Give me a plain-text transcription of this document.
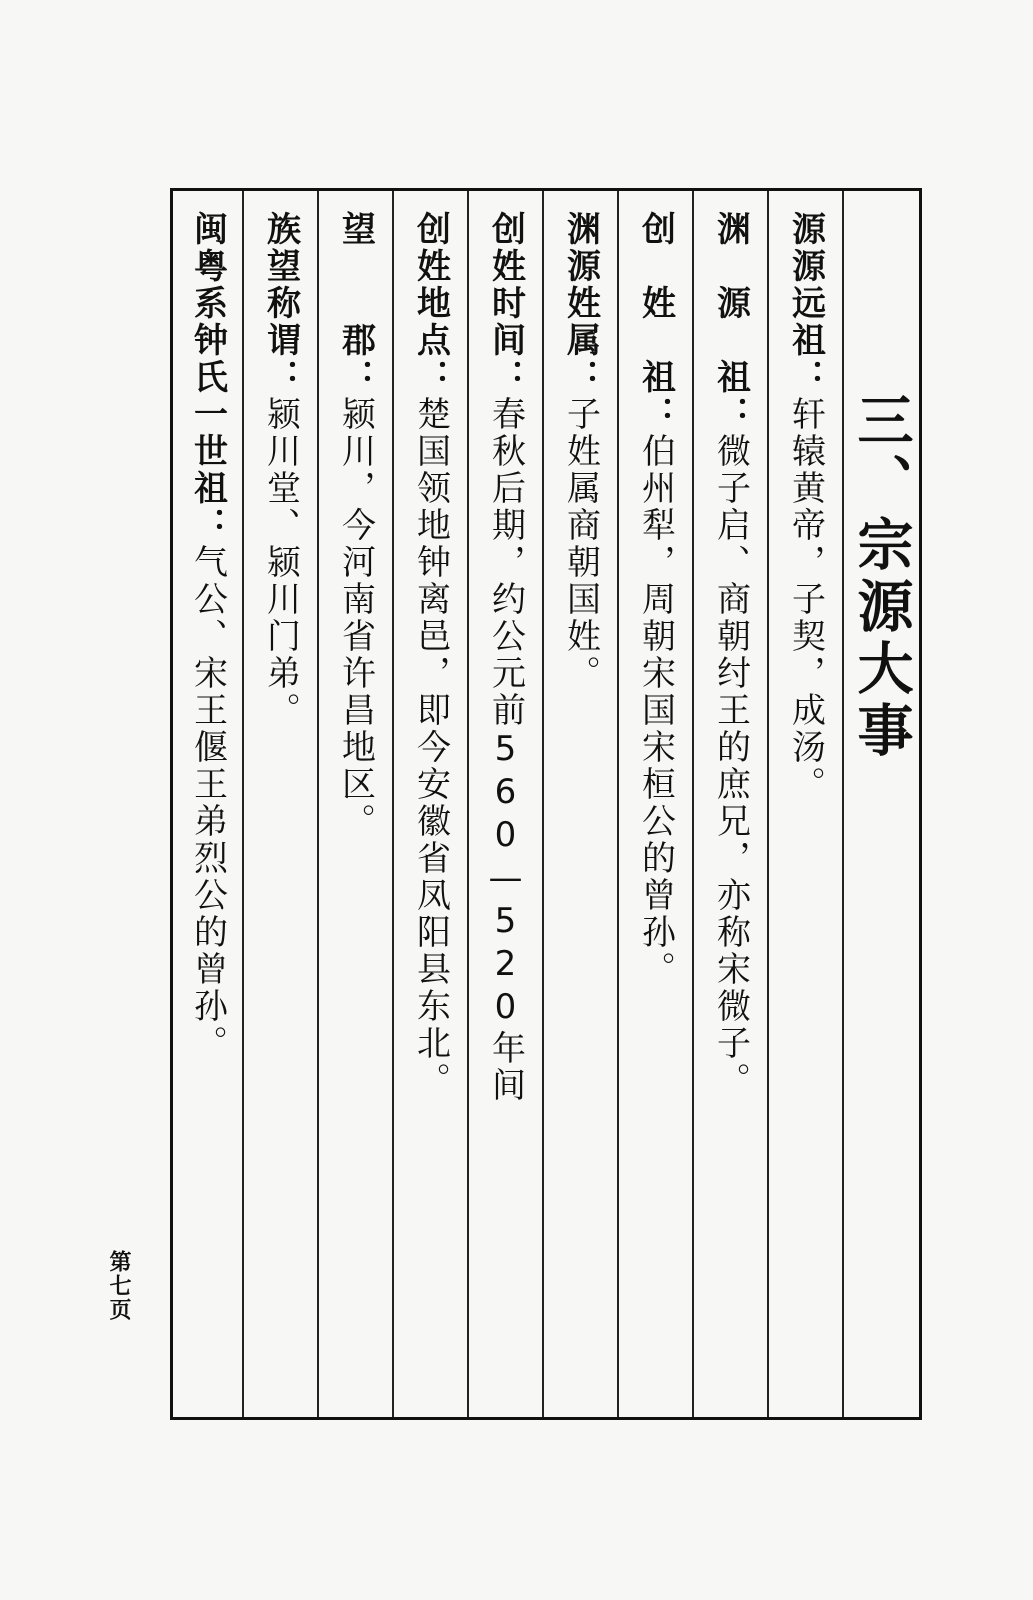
三、宗源大事
源源远祖：轩辕黄帝，子契，成汤。
渊　源　祖：微子启、商朝纣王的庶兄，亦称宋微子。
创　姓　祖：伯州犁，周朝宋国宋桓公的曾孙。
渊源姓属：子姓属商朝国姓。
创姓时间：春秋后期，约公元前560—520年间
创姓地点：楚国领地钟离邑，即今安徽省凤阳县东北。
望　　郡：颍川，今河南省许昌地区。
族望称谓：颍川堂、颍川门弟。
闽粤系钟氏一世祖：气公、宋王偃王弟烈公的曾孙。
第七页
